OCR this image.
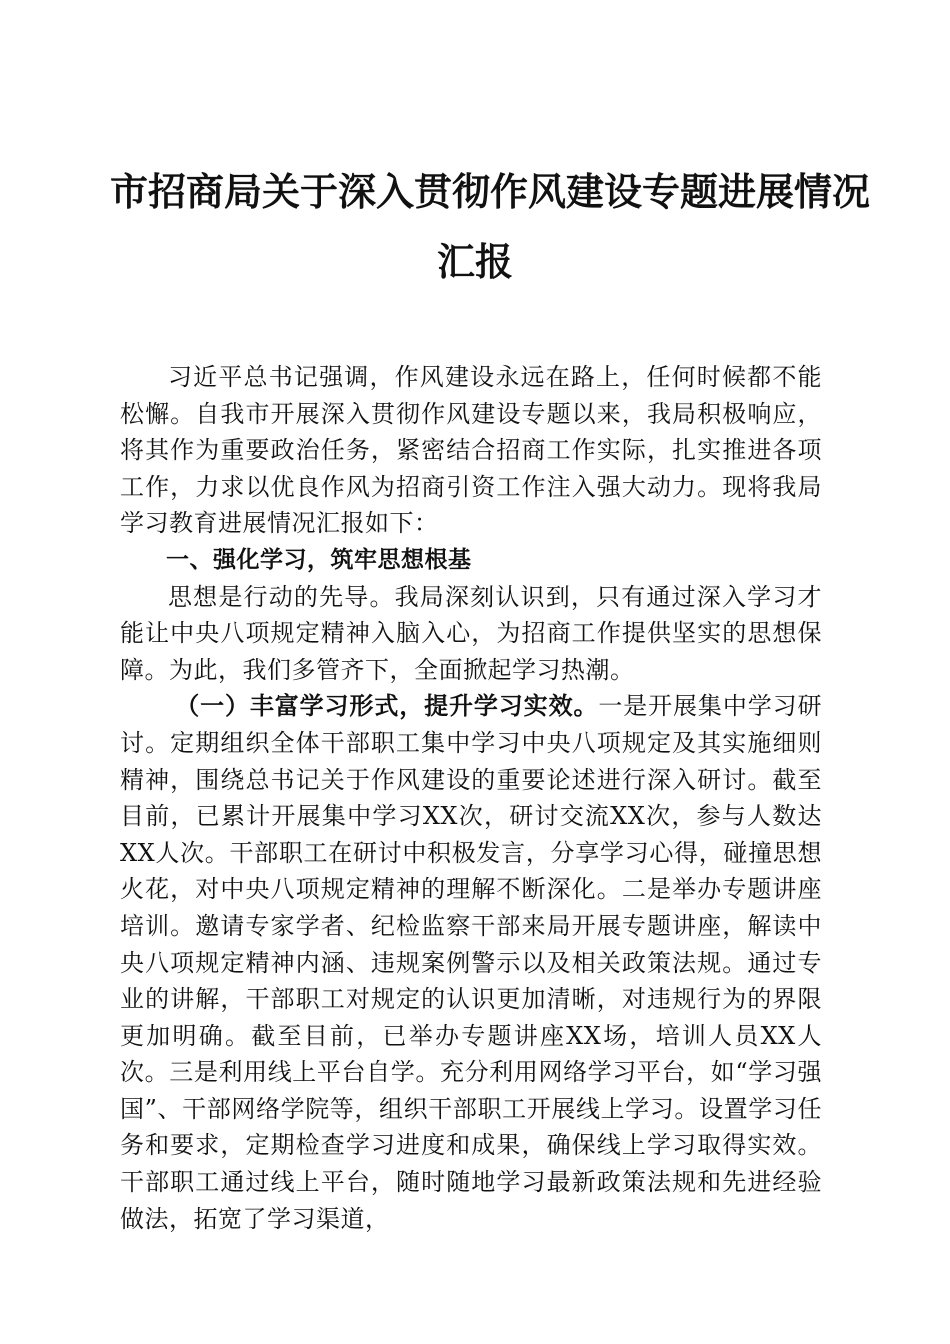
市招商局关于深入贯彻作风建设专题进展情况
汇报

习近平总书记强调，作风建设永远在路上，任何时候都不能松懈。自我市开展深入贯彻作风建设专题以来，我局积极响应，将其作为重要政治任务，紧密结合招商工作实际，扎实推进各项工作，力求以优良作风为招商引资工作注入强大动力。现将我局学习教育进展情况汇报如下：

一、强化学习，筑牢思想根基

思想是行动的先导。我局深刻认识到，只有通过深入学习才能让中央八项规定精神入脑入心，为招商工作提供坚实的思想保障。为此，我们多管齐下，全面掀起学习热潮。

（一）丰富学习形式，提升学习实效。一是开展集中学习研讨。定期组织全体干部职工集中学习中央八项规定及其实施细则精神，围绕总书记关于作风建设的重要论述进行深入研讨。截至目前，已累计开展集中学习XX次，研讨交流XX次，参与人数达XX人次。干部职工在研讨中积极发言，分享学习心得，碰撞思想火花，对中央八项规定精神的理解不断深化。二是举办专题讲座培训。邀请专家学者、纪检监察干部来局开展专题讲座，解读中央八项规定精神内涵、违规案例警示以及相关政策法规。通过专业的讲解，干部职工对规定的认识更加清晰，对违规行为的界限更加明确。截至目前，已举办专题讲座XX场，培训人员XX人次。三是利用线上平台自学。充分利用网络学习平台，如“学习强国”、干部网络学院等，组织干部职工开展线上学习。设置学习任务和要求，定期检查学习进度和成果，确保线上学习取得实效。干部职工通过线上平台，随时随地学习最新政策法规和先进经验做法，拓宽了学习渠道，
